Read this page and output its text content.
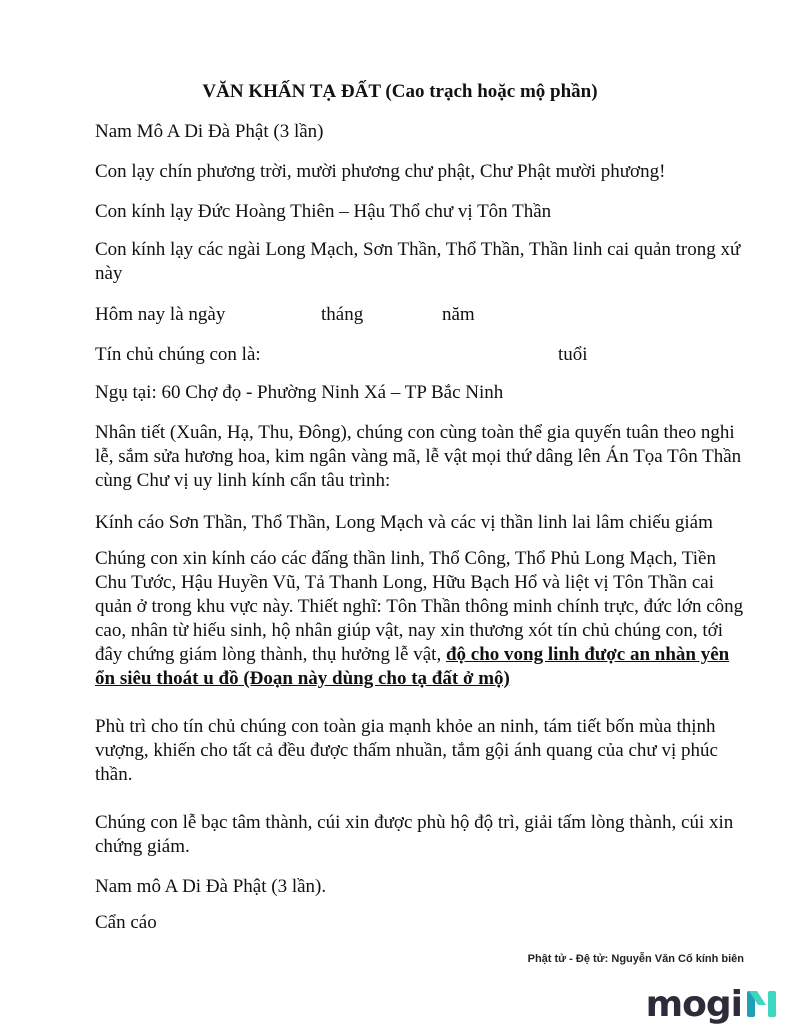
VĂN KHẤN TẠ ĐẤT (Cao trạch hoặc mộ phần)

Nam Mô A Di Đà Phật (3 lần)

Con lạy chín phương trời, mười phương chư phật, Chư Phật mười phương!

Con kính lạy Đức Hoàng Thiên – Hậu Thổ chư vị Tôn Thần

Con kính lạy các ngài Long Mạch, Sơn Thần, Thổ Thần, Thần linh cai quản trong xứ này

Hôm nay là ngày	tháng	năm
Tín chủ chúng con là:	tuổi

Ngụ tại: 60 Chợ đọ - Phường Ninh Xá – TP Bắc Ninh

Nhân tiết (Xuân, Hạ, Thu, Đông), chúng con cùng toàn thể gia quyến tuân theo nghi lễ, sắm sửa hương hoa, kim ngân vàng mã, lễ vật mọi thứ dâng lên Án Tọa Tôn Thần cùng Chư vị uy linh kính cẩn tâu trình:

Kính cáo Sơn Thần, Thổ Thần, Long Mạch và các vị thần linh lai lâm chiếu giám

Chúng con xin kính cáo các đấng thần linh, Thổ Công, Thổ Phủ Long Mạch, Tiền Chu Tước, Hậu Huyền Vũ, Tả Thanh Long, Hữu Bạch Hổ và liệt vị Tôn Thần cai quản ở trong khu vực này. Thiết nghĩ: Tôn Thần thông minh chính trực, đức lớn công cao, nhân từ hiếu sinh, hộ nhân giúp vật, nay xin thương xót tín chủ chúng con, tới đây chứng giám lòng thành, thụ hưởng lễ vật, độ cho vong linh được an nhàn yên ổn siêu thoát u đồ (Đoạn này dùng cho tạ đất ở mộ)

Phù trì cho tín chủ chúng con toàn gia mạnh khỏe an ninh, tám tiết bốn mùa thịnh vượng, khiến cho tất cả đều được thấm nhuần, tắm gội ánh quang của chư vị phúc thần.

Chúng con lễ bạc tâm thành, cúi xin được phù hộ độ trì, giải tấm lòng thành, cúi xin chứng giám.

Nam mô A Di Đà Phật (3 lần).

Cẩn cáo

Phật tử - Đệ tử: Nguyễn Văn Cố kính biên
mogi
